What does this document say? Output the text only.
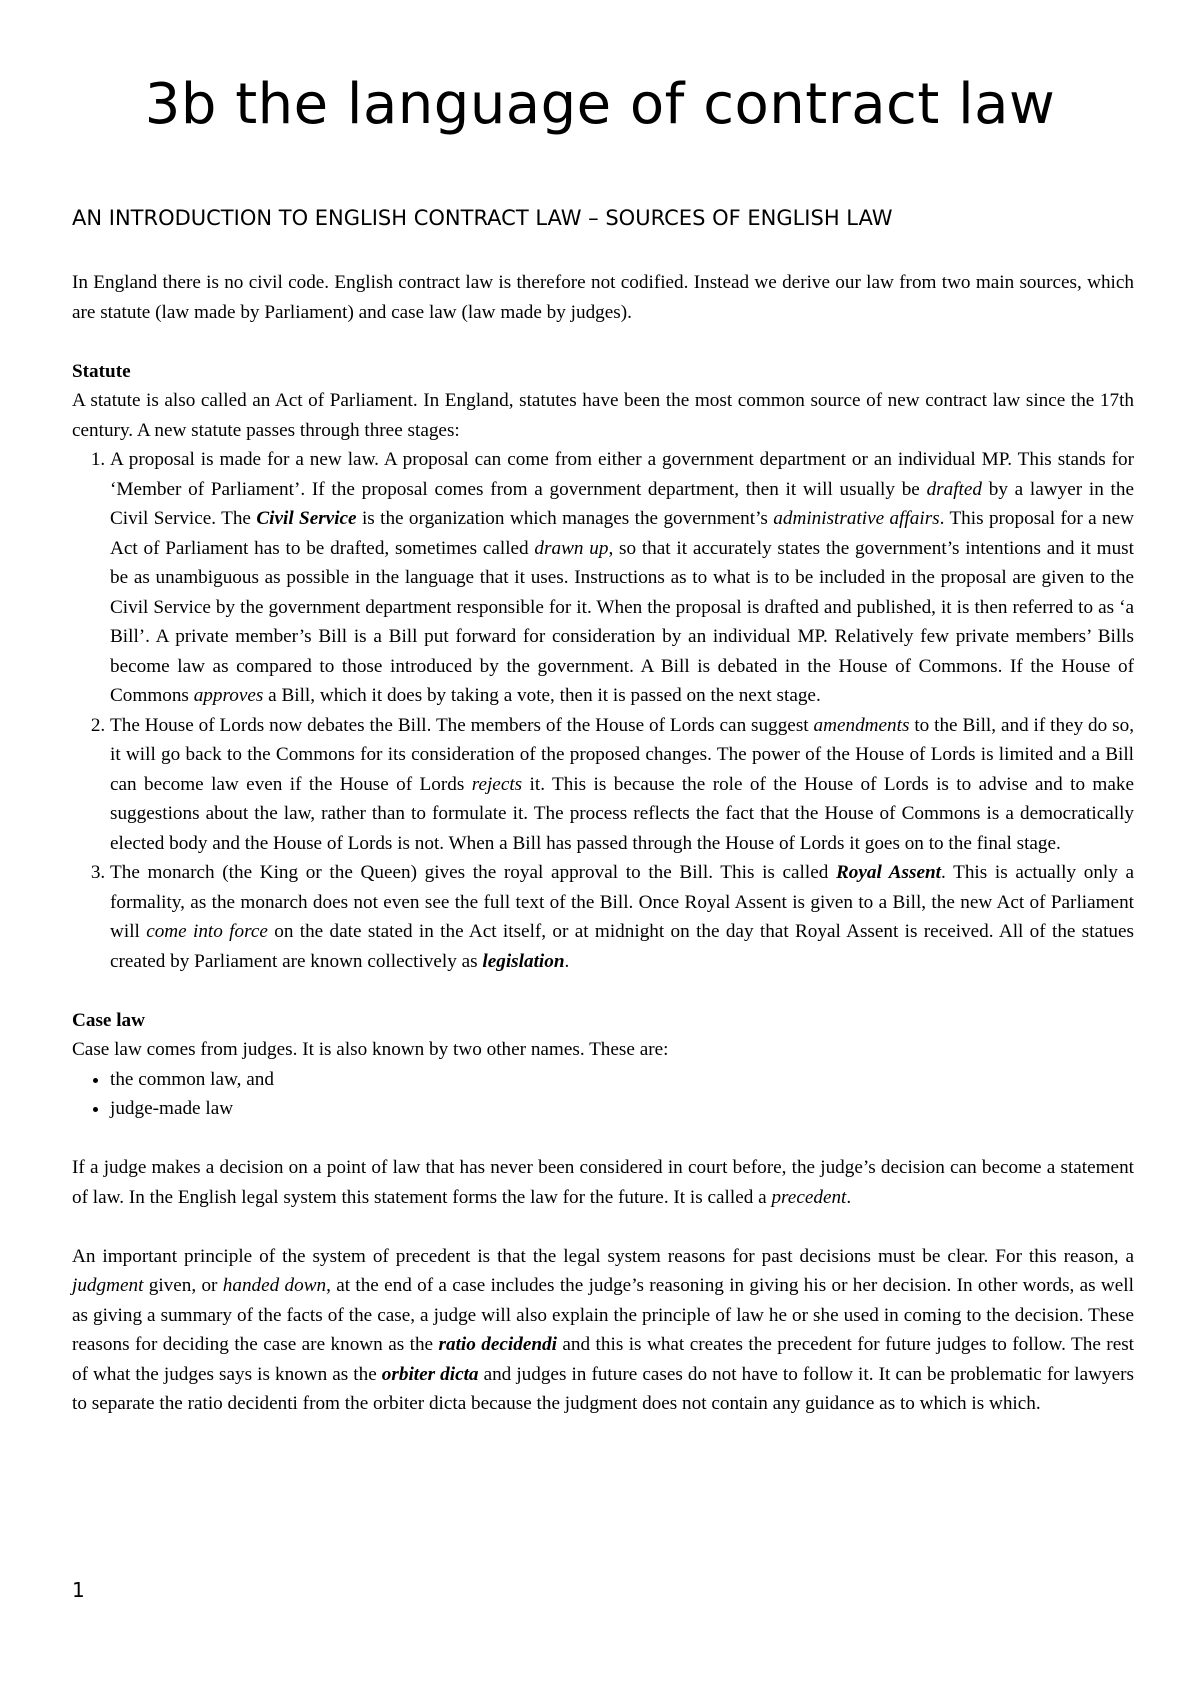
3b the language of contract law
AN INTRODUCTION TO ENGLISH CONTRACT LAW – SOURCES OF ENGLISH LAW

In England there is no civil code. English contract law is therefore not codified. Instead we derive our law from two main sources, which are statute (law made by Parliament) and case law (law made by judges).

Statute

A statute is also called an Act of Parliament. In England, statutes have been the most common source of new contract law since the 17th century. A new statute passes through three stages:

1. A proposal is made for a new law. A proposal can come from either a government department or an individual MP. This stands for ‘Member of Parliament’. If the proposal comes from a government department, then it will usually be drafted by a lawyer in the Civil Service. The Civil Service is the organization which manages the government’s administrative affairs. This proposal for a new Act of Parliament has to be drafted, sometimes called drawn up, so that it accurately states the government’s intentions and it must be as unambiguous as possible in the language that it uses. Instructions as to what is to be included in the proposal are given to the Civil Service by the government department responsible for it. When the proposal is drafted and published, it is then referred to as ‘a Bill’. A private member’s Bill is a Bill put forward for consideration by an individual MP. Relatively few private members’ Bills become law as compared to those introduced by the government. A Bill is debated in the House of Commons. If the House of Commons approves a Bill, which it does by taking a vote, then it is passed on the next stage.
2. The House of Lords now debates the Bill. The members of the House of Lords can suggest amendments to the Bill, and if they do so, it will go back to the Commons for its consideration of the proposed changes. The power of the House of Lords is limited and a Bill can become law even if the House of Lords rejects it. This is because the role of the House of Lords is to advise and to make suggestions about the law, rather than to formulate it. The process reflects the fact that the House of Commons is a democratically elected body and the House of Lords is not. When a Bill has passed through the House of Lords it goes on to the final stage.
3. The monarch (the King or the Queen) gives the royal approval to the Bill. This is called Royal Assent. This is actually only a formality, as the monarch does not even see the full text of the Bill. Once Royal Assent is given to a Bill, the new Act of Parliament will come into force on the date stated in the Act itself, or at midnight on the day that Royal Assent is received. All of the statues created by Parliament are known collectively as legislation.

Case law

Case law comes from judges. It is also known by two other names. These are:

• the common law, and
• judge-made law

If a judge makes a decision on a point of law that has never been considered in court before, the judge’s decision can become a statement of law. In the English legal system this statement forms the law for the future. It is called a precedent.

An important principle of the system of precedent is that the legal system reasons for past decisions must be clear. For this reason, a judgment given, or handed down, at the end of a case includes the judge’s reasoning in giving his or her decision. In other words, as well as giving a summary of the facts of the case, a judge will also explain the principle of law he or she used in coming to the decision. These reasons for deciding the case are known as the ratio decidendi and this is what creates the precedent for future judges to follow. The rest of what the judges says is known as the orbiter dicta and judges in future cases do not have to follow it. It can be problematic for lawyers to separate the ratio decidenti from the orbiter dicta because the judgment does not contain any guidance as to which is which.

1
